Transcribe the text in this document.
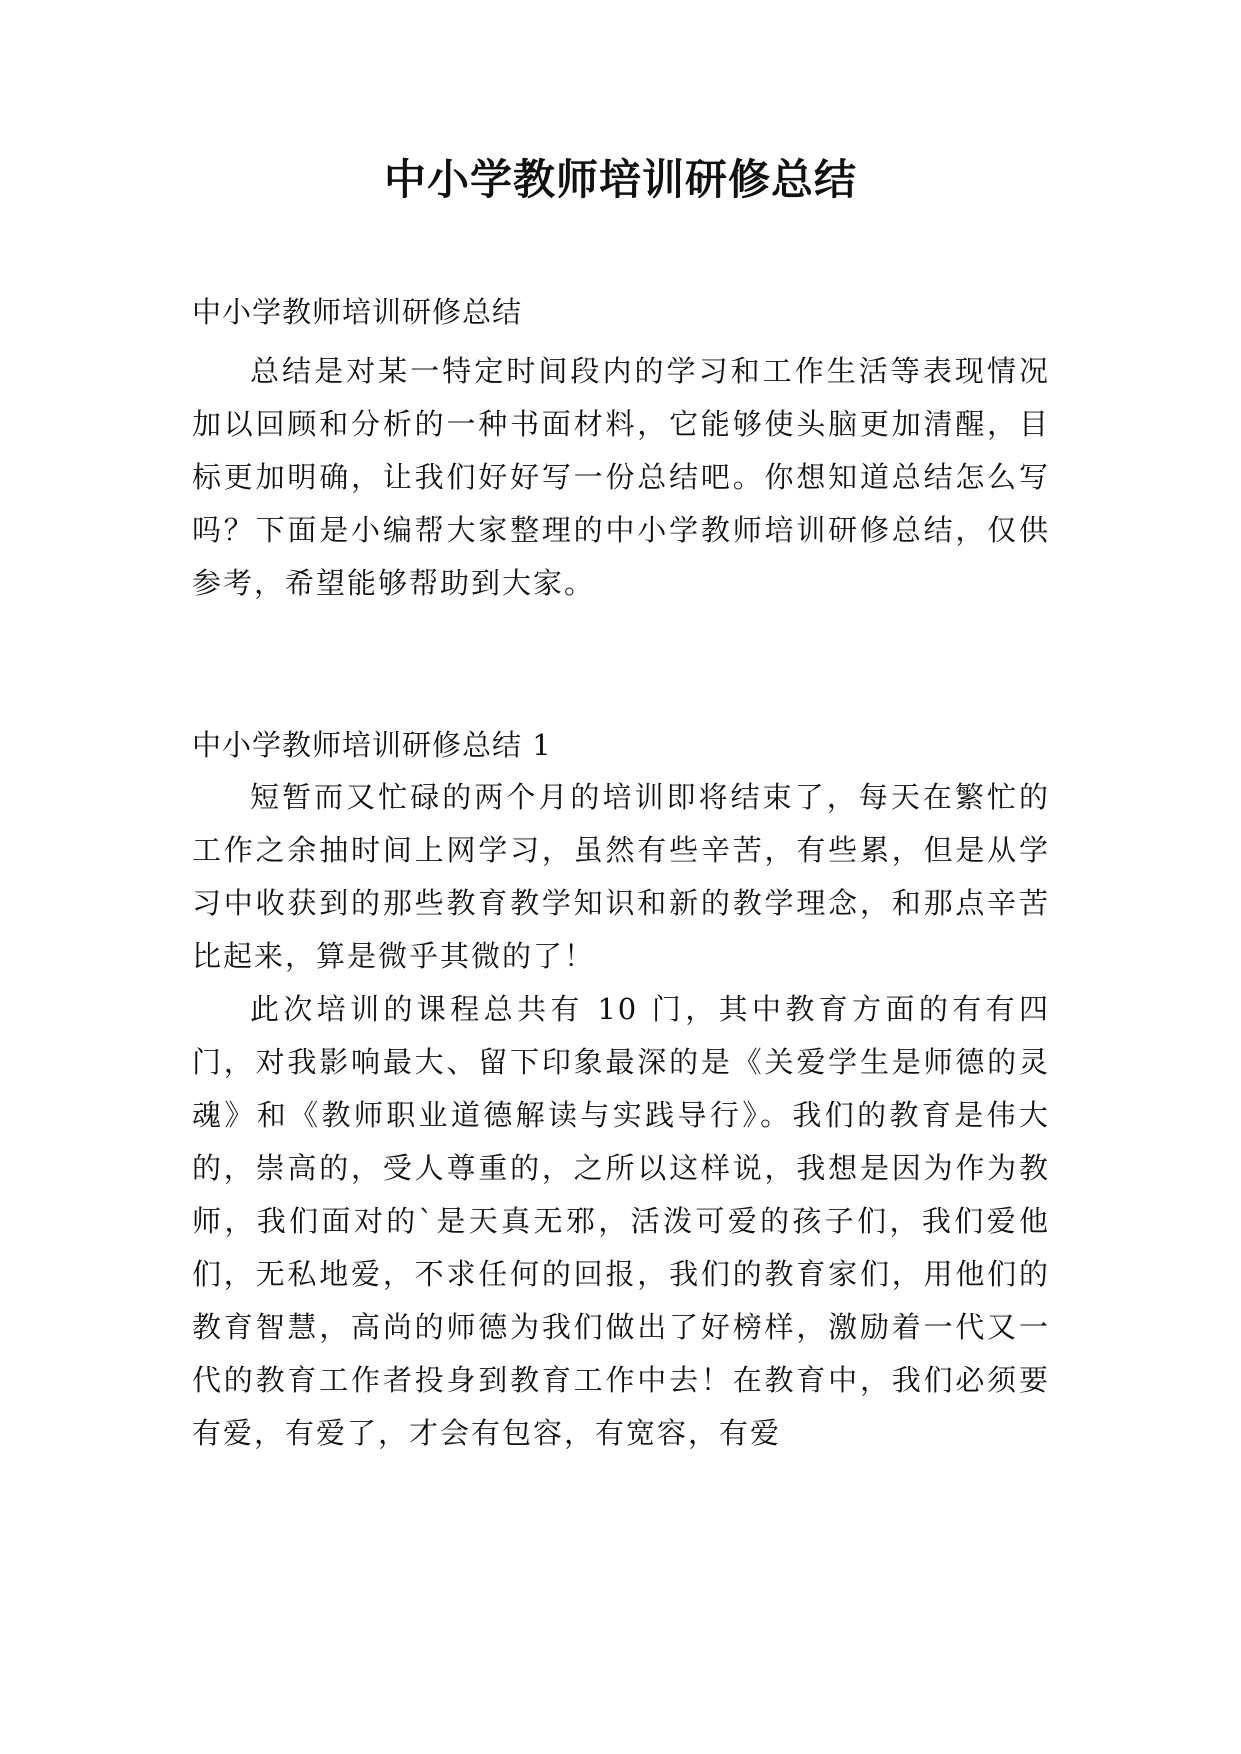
中小学教师培训研修总结

中小学教师培训研修总结

总结是对某一特定时间段内的学习和工作生活等表现情况加以回顾和分析的一种书面材料，它能够使头脑更加清醒，目标更加明确，让我们好好写一份总结吧。你想知道总结怎么写吗？下面是小编帮大家整理的中小学教师培训研修总结，仅供参考，希望能够帮助到大家。

中小学教师培训研修总结 1

短暂而又忙碌的两个月的培训即将结束了，每天在繁忙的工作之余抽时间上网学习，虽然有些辛苦，有些累，但是从学习中收获到的那些教育教学知识和新的教学理念，和那点辛苦比起来，算是微乎其微的了！

此次培训的课程总共有 10 门，其中教育方面的有有四门，对我影响最大、留下印象最深的是《关爱学生是师德的灵魂》和《教师职业道德解读与实践导行》。我们的教育是伟大的，崇高的，受人尊重的，之所以这样说，我想是因为作为教师，我们面对的`是天真无邪，活泼可爱的孩子们，我们爱他们，无私地爱，不求任何的回报，我们的教育家们，用他们的教育智慧，高尚的师德为我们做出了好榜样，激励着一代又一代的教育工作者投身到教育工作中去！在教育中，我们必须要有爱，有爱了，才会有包容，有宽容，有爱
